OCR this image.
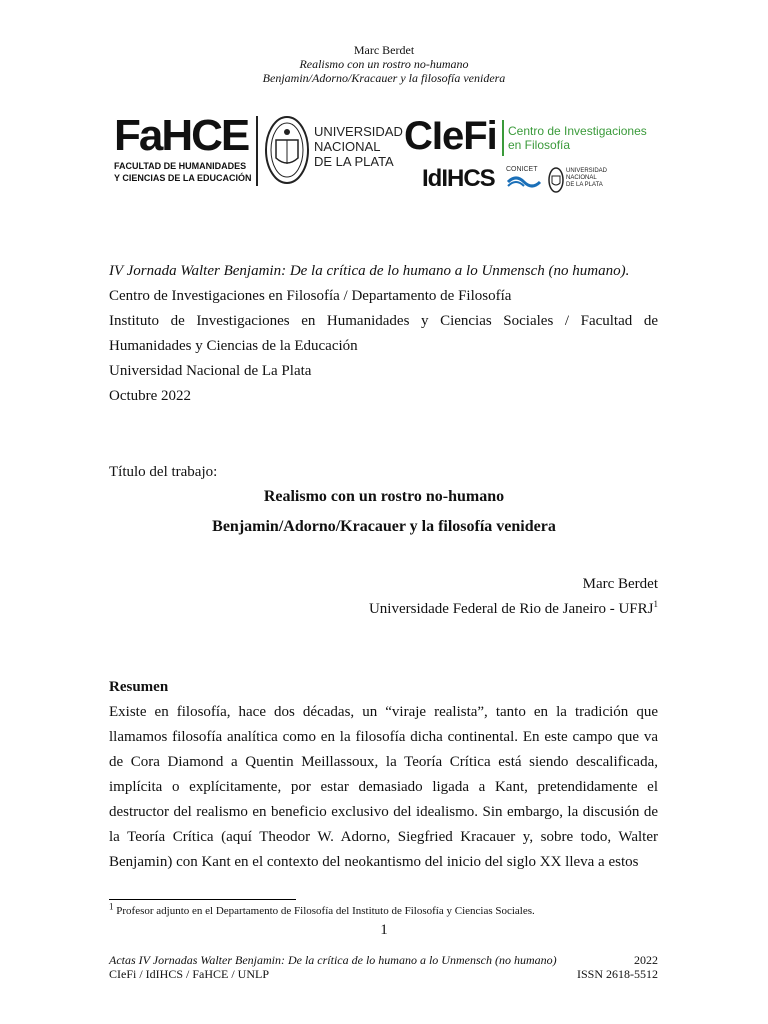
Marc Berdet
Realismo con un rostro no-humano
Benjamin/Adorno/Kracauer y la filosofía venidera
FaHCE
FACULTAD DE HUMANIDADES
Y CIENCIAS DE LA EDUCACIÓN
UNIVERSIDAD
NACIONAL
DE LA PLATA
CIeFi Centro de Investigaciones
en Filosofía
IdIHCS CONICET	UNIVERSIDAD
NACIONAL
DE LA PLATA
IV Jornada Walter Benjamin: De la crítica de lo humano a lo Unmensch (no humano).
Centro de Investigaciones en Filosofía / Departamento de Filosofía
Instituto de Investigaciones en Humanidades y Ciencias Sociales / Facultad de Humanidades y Ciencias de la Educación
Universidad Nacional de La Plata
Octubre 2022
Título del trabajo:
Realismo con un rostro no-humano
Benjamin/Adorno/Kracauer y la filosofía venidera
Marc Berdet
Universidade Federal de Rio de Janeiro - UFRJ$^1$
Resumen
Existe en filosofía, hace dos décadas, un “viraje realista”, tanto en la tradición que llamamos filosofía analítica como en la filosofía dicha continental. En este campo que va de Cora Diamond a Quentin Meillassoux, la Teoría Crítica está siendo descalificada, implícita o explícitamente, por estar demasiado ligada a Kant, pretendidamente el destructor del realismo en beneficio exclusivo del idealismo. Sin embargo, la discusión de la Teoría Crítica (aquí Theodor W. Adorno, Siegfried Kracauer y, sobre todo, Walter Benjamin) con Kant en el contexto del neokantismo del inicio del siglo XX lleva a estos
$^1$ Profesor adjunto en el Departamento de Filosofía del Instituto de Filosofía y Ciencias Sociales.
1
Actas IV Jornadas Walter Benjamin: De la crítica de lo humano a lo Unmensch (no humano)	2022
CIeFi / IdIHCS / FaHCE / UNLP	ISSN 2618-5512
